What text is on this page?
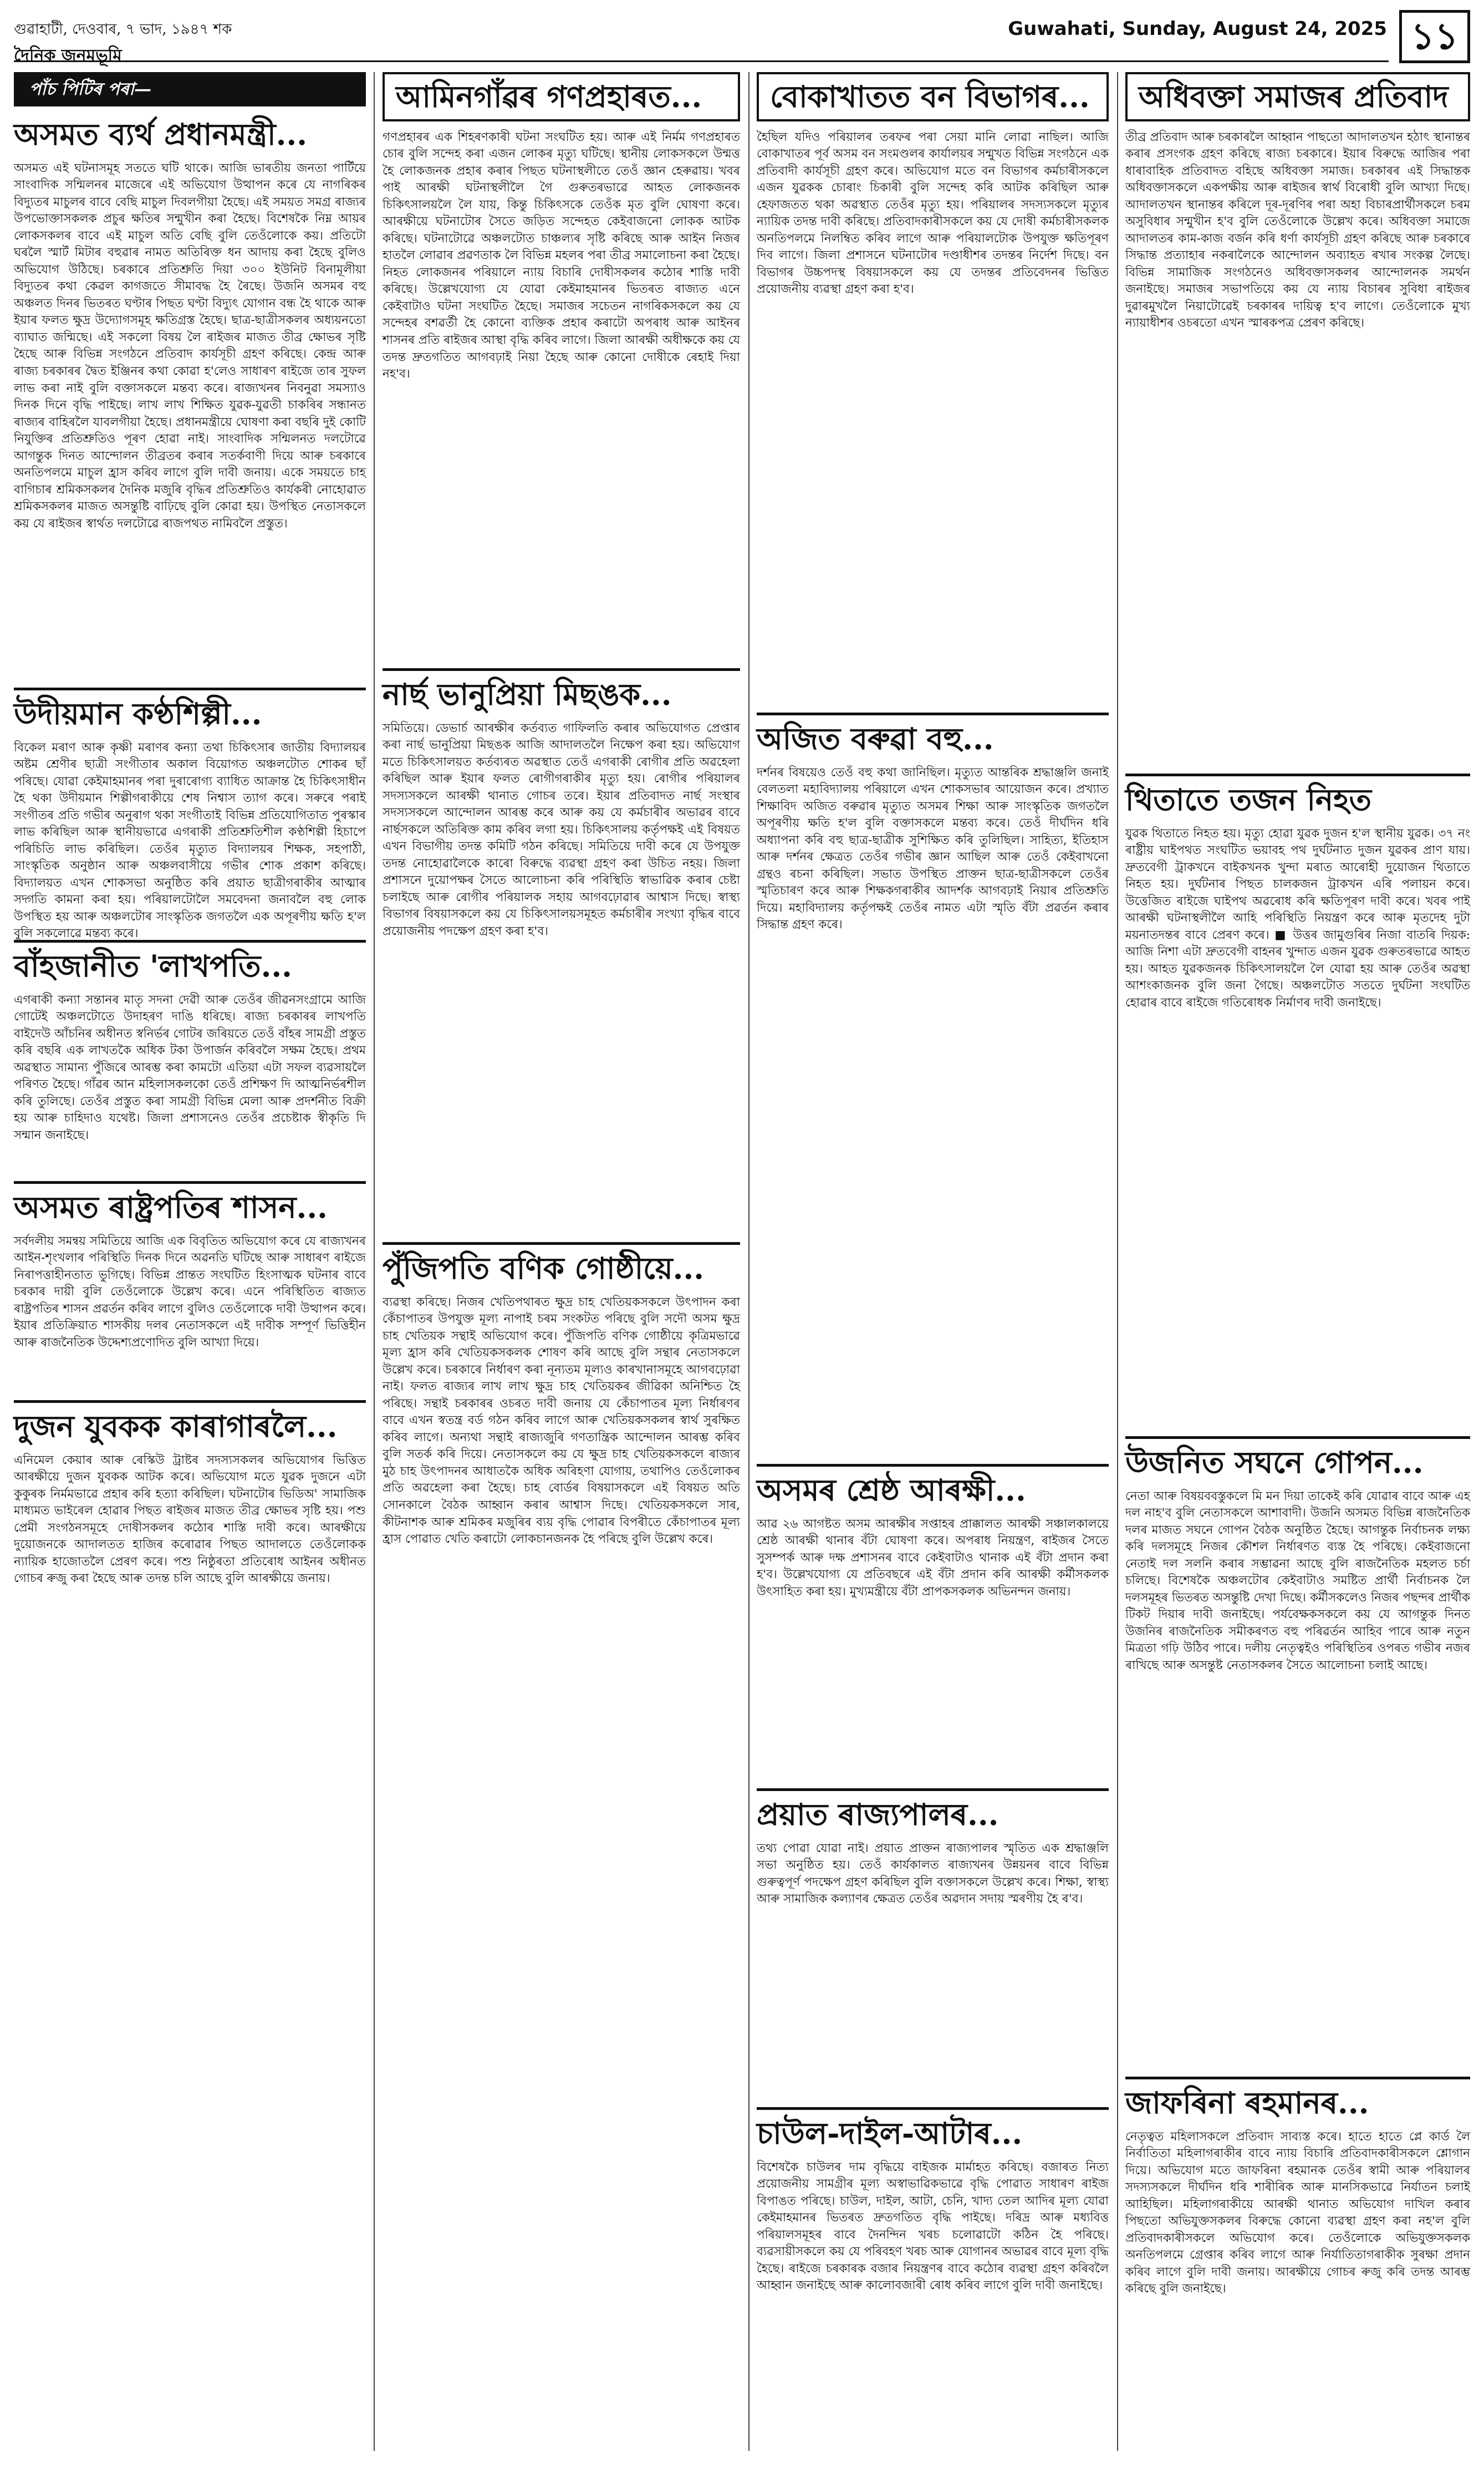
গুৱাহাটী, দেওবাৰ, ৭ ভাদ, ১৯৪৭ শক	Guwahati, Sunday, August 24, 2025 ১১
দৈনিক জনমভূমি
পাঁচ পিটিৰ পৰা—
অসমত ব্যৰ্থ প্ৰধানমন্ত্ৰী...
অসমত এই ঘটনাসমূহ সততে ঘটি থাকে। আজি ভাৰতীয় জনতা পাৰ্টিয়ে সাংবাদিক সন্মিলনৰ মাজেৰে এই অভিযোগ উত্থাপন কৰে যে নাগৰিকৰ বিদ্যুতৰ মাচুলৰ বাবে বেছি মাচুল দিবলগীয়া হৈছে। এই সময়ত সমগ্ৰ ৰাজ্যৰ উপভোক্তাসকলক প্ৰচুৰ ক্ষতিৰ সন্মুখীন কৰা হৈছে। বিশেষকৈ নিম্ন আয়ৰ লোকসকলৰ বাবে এই মাচুল অতি বেছি বুলি তেওঁলোকে কয়। প্ৰতিটো ঘৰলৈ স্মাৰ্ট মিটাৰ বহুৱাৰ নামত অতিৰিক্ত ধন আদায় কৰা হৈছে বুলিও অভিযোগ উঠিছে। চৰকাৰে প্ৰতিশ্ৰুতি দিয়া ৩০০ ইউনিট বিনামূলীয়া বিদ্যুতৰ কথা কেৱল কাগজতে সীমাবদ্ধ হৈ ৰৈছে। উজনি অসমৰ বহু অঞ্চলত দিনৰ ভিতৰত ঘণ্টাৰ পিছত ঘণ্টা বিদ্যুৎ যোগান বন্ধ হৈ থাকে আৰু ইয়াৰ ফলত ক্ষুদ্ৰ উদ্যোগসমূহ ক্ষতিগ্ৰস্ত হৈছে। ছাত্ৰ-ছাত্ৰীসকলৰ অধ্যয়নতো ব্যাঘাত জন্মিছে। এই সকলো বিষয় লৈ ৰাইজৰ মাজত তীব্ৰ ক্ষোভৰ সৃষ্টি হৈছে আৰু বিভিন্ন সংগঠনে প্ৰতিবাদ কাৰ্যসূচী গ্ৰহণ কৰিছে। কেন্দ্ৰ আৰু ৰাজ্য চৰকাৰৰ দ্বৈত ইঞ্জিনৰ কথা কোৱা হ'লেও সাধাৰণ ৰাইজে তাৰ সুফল লাভ কৰা নাই বুলি বক্তাসকলে মন্তব্য কৰে। ৰাজ্যখনৰ নিবনুৱা সমস্যাও দিনক দিনে বৃদ্ধি পাইছে। লাখ লাখ শিক্ষিত যুৱক-যুৱতী চাকৰিৰ সন্ধানত ৰাজ্যৰ বাহিৰলৈ যাবলগীয়া হৈছে। প্ৰধানমন্ত্ৰীয়ে ঘোষণা কৰা বছৰি দুই কোটি নিযুক্তিৰ প্ৰতিশ্ৰুতিও পূৰণ হোৱা নাই। সাংবাদিক সন্মিলনত দলটোৱে আগন্তুক দিনত আন্দোলন তীব্ৰতৰ কৰাৰ সতৰ্কবাণী দিয়ে আৰু চৰকাৰে অনতিপলমে মাচুল হ্ৰাস কৰিব লাগে বুলি দাবী জনায়। একে সময়তে চাহ বাগিচাৰ শ্ৰমিকসকলৰ দৈনিক মজুৰি বৃদ্ধিৰ প্ৰতিশ্ৰুতিও কাৰ্যকৰী নোহোৱাত শ্ৰমিকসকলৰ মাজত অসন্তুষ্টি বাঢ়িছে বুলি কোৱা হয়। উপস্থিত নেতাসকলে কয় যে ৰাইজৰ স্বাৰ্থত দলটোৱে ৰাজপথত নামিবলৈ প্ৰস্তুত।
উদীয়মান কণ্ঠশিল্পী...
বিকেল মৰাণ আৰু কৃষ্ণী মৰাণৰ কন্যা তথা চিকিৎসাৰ জাতীয় বিদ্যালয়ৰ অষ্টম শ্ৰেণীৰ ছাত্ৰী সংগীতাৰ অকাল বিয়োগত অঞ্চলটোত শোকৰ ছাঁ পৰিছে। যোৱা কেইমাহমানৰ পৰা দুৰাৰোগ্য ব্যাধিত আক্ৰান্ত হৈ চিকিৎসাধীন হৈ থকা উদীয়মান শিল্পীগৰাকীয়ে শেষ নিশ্বাস ত্যাগ কৰে। সৰুৰে পৰাই সংগীতৰ প্ৰতি গভীৰ অনুৰাগ থকা সংগীতাই বিভিন্ন প্ৰতিযোগিতাত পুৰস্কাৰ লাভ কৰিছিল আৰু স্থানীয়ভাৱে এগৰাকী প্ৰতিশ্ৰুতিশীল কণ্ঠশিল্পী হিচাপে পৰিচিতি লাভ কৰিছিল। তেওঁৰ মৃত্যুত বিদ্যালয়ৰ শিক্ষক, সহপাঠী, সাংস্কৃতিক অনুষ্ঠান আৰু অঞ্চলবাসীয়ে গভীৰ শোক প্ৰকাশ কৰিছে। বিদ্যালয়ত এখন শোকসভা অনুষ্ঠিত কৰি প্ৰয়াত ছাত্ৰীগৰাকীৰ আত্মাৰ সদ্গতি কামনা কৰা হয়। পৰিয়ালটোলৈ সমবেদনা জনাবলৈ বহু লোক উপস্থিত হয় আৰু অঞ্চলটোৰ সাংস্কৃতিক জগতলৈ এক অপূৰণীয় ক্ষতি হ'ল বুলি সকলোৱে মন্তব্য কৰে।
বাঁহজানীত 'লাখপতি...
এগৰাকী কন্যা সন্তানৰ মাতৃ সদনা দেৱী আৰু তেওঁৰ জীৱনসংগ্ৰামে আজি গোটেই অঞ্চলটোতে উদাহৰণ দাঙি ধৰিছে। ৰাজ্য চৰকাৰৰ লাখপতি বাইদেউ আঁচনিৰ অধীনত স্বনিৰ্ভৰ গোটৰ জৰিয়তে তেওঁ বাঁহৰ সামগ্ৰী প্ৰস্তুত কৰি বছৰি এক লাখতকৈ অধিক টকা উপাৰ্জন কৰিবলৈ সক্ষম হৈছে। প্ৰথম অৱস্থাত সামান্য পুঁজিৰে আৰম্ভ কৰা কামটো এতিয়া এটা সফল ব্যৱসায়লৈ পৰিণত হৈছে। গাঁৱৰ আন মহিলাসকলকো তেওঁ প্ৰশিক্ষণ দি আত্মনিৰ্ভৰশীল কৰি তুলিছে। তেওঁৰ প্ৰস্তুত কৰা সামগ্ৰী বিভিন্ন মেলা আৰু প্ৰদৰ্শনীত বিক্ৰী হয় আৰু চাহিদাও যথেষ্ট। জিলা প্ৰশাসনেও তেওঁৰ প্ৰচেষ্টাক স্বীকৃতি দি সন্মান জনাইছে।
অসমত ৰাষ্ট্ৰপতিৰ শাসন...
সৰ্বদলীয় সমন্বয় সমিতিয়ে আজি এক বিবৃতিত অভিযোগ কৰে যে ৰাজ্যখনৰ আইন-শৃংখলাৰ পৰিস্থিতি দিনক দিনে অৱনতি ঘটিছে আৰু সাধাৰণ ৰাইজে নিৰাপত্তাহীনতাত ভুগিছে। বিভিন্ন প্ৰান্তত সংঘটিত হিংসাত্মক ঘটনাৰ বাবে চৰকাৰ দায়ী বুলি তেওঁলোকে উল্লেখ কৰে। এনে পৰিস্থিতিত ৰাজ্যত ৰাষ্ট্ৰপতিৰ শাসন প্ৰৱৰ্তন কৰিব লাগে বুলিও তেওঁলোকে দাবী উত্থাপন কৰে। ইয়াৰ প্ৰতিক্ৰিয়াত শাসকীয় দলৰ নেতাসকলে এই দাবীক সম্পূৰ্ণ ভিত্তিহীন আৰু ৰাজনৈতিক উদ্দেশ্যপ্ৰণোদিত বুলি আখ্যা দিয়ে।
দুজন যুবকক কাৰাগাৰলৈ...
এনিমেল কেয়াৰ আৰু ৰেস্কিউ ট্ৰাষ্টৰ সদস্যসকলৰ অভিযোগৰ ভিত্তিত আৰক্ষীয়ে দুজন যুবকক আটক কৰে। অভিযোগ মতে যুৱক দুজনে এটা কুকুৰক নিৰ্মমভাৱে প্ৰহাৰ কৰি হত্যা কৰিছিল। ঘটনাটোৰ ভিডিঅ' সামাজিক মাধ্যমত ভাইৰেল হোৱাৰ পিছত ৰাইজৰ মাজত তীব্ৰ ক্ষোভৰ সৃষ্টি হয়। পশু প্ৰেমী সংগঠনসমূহে দোষীসকলৰ কঠোৰ শাস্তি দাবী কৰে। আৰক্ষীয়ে দুয়োজনকে আদালতত হাজিৰ কৰোৱাৰ পিছত আদালতে তেওঁলোকক ন্যায়িক হাজোতলৈ প্ৰেৰণ কৰে। পশু নিষ্ঠুৰতা প্ৰতিৰোধ আইনৰ অধীনত গোচৰ ৰুজু কৰা হৈছে আৰু তদন্ত চলি আছে বুলি আৰক্ষীয়ে জনায়।
আমিনগাঁৱৰ গণপ্ৰহাৰত...
গণপ্ৰহাৰৰ এক শিহৰণকাৰী ঘটনা সংঘটিত হয়। আৰু এই নিৰ্মম গণপ্ৰহাৰত চোৰ বুলি সন্দেহ কৰা এজন লোকৰ মৃত্যু ঘটিছে। স্থানীয় লোকসকলে উন্মত্ত হৈ লোকজনক প্ৰহাৰ কৰাৰ পিছত ঘটনাস্থলীতে তেওঁ জ্ঞান হেৰুৱায়। খবৰ পাই আৰক্ষী ঘটনাস্থলীলৈ গৈ গুৰুতৰভাৱে আহত লোকজনক চিকিৎসালয়লৈ লৈ যায়, কিন্তু চিকিৎসকে তেওঁক মৃত বুলি ঘোষণা কৰে। আৰক্ষীয়ে ঘটনাটোৰ সৈতে জড়িত সন্দেহত কেইবাজনো লোকক আটক কৰিছে। ঘটনাটোৱে অঞ্চলটোত চাঞ্চল্যৰ সৃষ্টি কৰিছে আৰু আইন নিজৰ হাতলৈ লোৱাৰ প্ৰৱণতাক লৈ বিভিন্ন মহলৰ পৰা তীব্ৰ সমালোচনা কৰা হৈছে। নিহত লোকজনৰ পৰিয়ালে ন্যায় বিচাৰি দোষীসকলৰ কঠোৰ শাস্তি দাবী কৰিছে। উল্লেখযোগ্য যে যোৱা কেইমাহমানৰ ভিতৰত ৰাজ্যত এনে কেইবাটাও ঘটনা সংঘটিত হৈছে। সমাজৰ সচেতন নাগৰিকসকলে কয় যে সন্দেহৰ বশৱৰ্তী হৈ কোনো ব্যক্তিক প্ৰহাৰ কৰাটো অপৰাধ আৰু আইনৰ শাসনৰ প্ৰতি ৰাইজৰ আস্থা বৃদ্ধি কৰিব লাগে। জিলা আৰক্ষী অধীক্ষকে কয় যে তদন্ত দ্ৰুতগতিত আগবঢ়াই নিয়া হৈছে আৰু কোনো দোষীকে ৰেহাই দিয়া নহ'ব।
নাৰ্ছ ভানুপ্ৰিয়া মিছঙক...
সমিতিয়ে। ডেভাৰ্চ আৰক্ষীৰ কৰ্তব্যত গাফিলতি কৰাৰ অভিযোগত প্ৰেপ্তাৰ কৰা নাৰ্ছ ভানুপ্ৰিয়া মিছঙক আজি আদালতলৈ নিক্ষেপ কৰা হয়। অভিযোগ মতে চিকিৎসালয়ত কৰ্তব্যৰত অৱস্থাত তেওঁ এগৰাকী ৰোগীৰ প্ৰতি অৱহেলা কৰিছিল আৰু ইয়াৰ ফলত ৰোগীগৰাকীৰ মৃত্যু হয়। ৰোগীৰ পৰিয়ালৰ সদস্যসকলে আৰক্ষী থানাত গোচৰ তৰে। ইয়াৰ প্ৰতিবাদত নাৰ্ছ সংস্থাৰ সদস্যসকলে আন্দোলন আৰম্ভ কৰে আৰু কয় যে কৰ্মচাৰীৰ অভাৱৰ বাবে নাৰ্ছসকলে অতিৰিক্ত কাম কৰিব লগা হয়। চিকিৎসালয় কৰ্তৃপক্ষই এই বিষয়ত এখন বিভাগীয় তদন্ত কমিটি গঠন কৰিছে। সমিতিয়ে দাবী কৰে যে উপযুক্ত তদন্ত নোহোৱালৈকে কাৰো বিৰুদ্ধে ব্যৱস্থা গ্ৰহণ কৰা উচিত নহয়। জিলা প্ৰশাসনে দুয়োপক্ষৰ সৈতে আলোচনা কৰি পৰিস্থিতি স্বাভাৱিক কৰাৰ চেষ্টা চলাইছে আৰু ৰোগীৰ পৰিয়ালক সহায় আগবঢ়োৱাৰ আশ্বাস দিছে। স্বাস্থ্য বিভাগৰ বিষয়াসকলে কয় যে চিকিৎসালয়সমূহত কৰ্মচাৰীৰ সংখ্যা বৃদ্ধিৰ বাবে প্ৰয়োজনীয় পদক্ষেপ গ্ৰহণ কৰা হ'ব।
পুঁজিপতি বণিক গোষ্ঠীয়ে...
ব্যৱস্থা কৰিছে। নিজৰ খেতিপথাৰত ক্ষুদ্ৰ চাহ খেতিয়কসকলে উৎপাদন কৰা কেঁচাপাতৰ উপযুক্ত মূল্য নাপাই চৰম সংকটত পৰিছে বুলি সদৌ অসম ক্ষুদ্ৰ চাহ খেতিয়ক সন্থাই অভিযোগ কৰে। পুঁজিপতি বণিক গোষ্ঠীয়ে কৃত্ৰিমভাৱে মূল্য হ্ৰাস কৰি খেতিয়কসকলক শোষণ কৰি আছে বুলি সন্থাৰ নেতাসকলে উল্লেখ কৰে। চৰকাৰে নিৰ্ধাৰণ কৰা নূন্যতম মূল্যও কাৰখানাসমূহে আগবঢ়োৱা নাই। ফলত ৰাজ্যৰ লাখ লাখ ক্ষুদ্ৰ চাহ খেতিয়কৰ জীৱিকা অনিশ্চিত হৈ পৰিছে। সন্থাই চৰকাৰৰ ওচৰত দাবী জনায় যে কেঁচাপাতৰ মূল্য নিৰ্ধাৰণৰ বাবে এখন স্বতন্ত্ৰ বৰ্ড গঠন কৰিব লাগে আৰু খেতিয়কসকলৰ স্বাৰ্থ সুৰক্ষিত কৰিব লাগে। অন্যথা সন্থাই ৰাজ্যজুৰি গণতান্ত্ৰিক আন্দোলন আৰম্ভ কৰিব বুলি সতৰ্ক কৰি দিয়ে। নেতাসকলে কয় যে ক্ষুদ্ৰ চাহ খেতিয়কসকলে ৰাজ্যৰ মুঠ চাহ উৎপাদনৰ আধাতকৈ অধিক অৰিহণা যোগায়, তথাপিও তেওঁলোকৰ প্ৰতি অৱহেলা কৰা হৈছে। চাহ বোৰ্ডৰ বিষয়াসকলে এই বিষয়ত অতি সোনকালে বৈঠক আহ্বান কৰাৰ আশ্বাস দিছে। খেতিয়কসকলে সাৰ, কীটনাশক আৰু শ্ৰমিকৰ মজুৰিৰ ব্যয় বৃদ্ধি পোৱাৰ বিপৰীতে কেঁচাপাতৰ মূল্য হ্ৰাস পোৱাত খেতি কৰাটো লোকচানজনক হৈ পৰিছে বুলি উল্লেখ কৰে।
বোকাখাতত বন বিভাগৰ...
হৈছিল যদিও পৰিয়ালৰ তৰফৰ পৰা সেয়া মানি লোৱা নাছিল। আজি বোকাখাতৰ পূৰ্ব অসম বন সংমণ্ডলৰ কাৰ্যালয়ৰ সন্মুখত বিভিন্ন সংগঠনে এক প্ৰতিবাদী কাৰ্যসূচী গ্ৰহণ কৰে। অভিযোগ মতে বন বিভাগৰ কৰ্মচাৰীসকলে এজন যুৱকক চোৰাং চিকাৰী বুলি সন্দেহ কৰি আটক কৰিছিল আৰু হেফাজতত থকা অৱস্থাত তেওঁৰ মৃত্যু হয়। পৰিয়ালৰ সদস্যসকলে মৃত্যুৰ ন্যায়িক তদন্ত দাবী কৰিছে। প্ৰতিবাদকাৰীসকলে কয় যে দোষী কৰ্মচাৰীসকলক অনতিপলমে নিলম্বিত কৰিব লাগে আৰু পৰিয়ালটোক উপযুক্ত ক্ষতিপূৰণ দিব লাগে। জিলা প্ৰশাসনে ঘটনাটোৰ দণ্ডাধীশৰ তদন্তৰ নিৰ্দেশ দিছে। বন বিভাগৰ উচ্চপদস্থ বিষয়াসকলে কয় যে তদন্তৰ প্ৰতিবেদনৰ ভিত্তিত প্ৰয়োজনীয় ব্যৱস্থা গ্ৰহণ কৰা হ'ব।
অজিত বৰুৱা বহু...
দৰ্শনৰ বিষয়েও তেওঁ বহু কথা জানিছিল। মৃত্যুত আন্তৰিক শ্ৰদ্ধাঞ্জলি জনাই বেলতলা মহাবিদ্যালয় পৰিয়ালে এখন শোকসভাৰ আয়োজন কৰে। প্ৰখ্যাত শিক্ষাবিদ অজিত বৰুৱাৰ মৃত্যুত অসমৰ শিক্ষা আৰু সাংস্কৃতিক জগতলৈ অপূৰণীয় ক্ষতি হ'ল বুলি বক্তাসকলে মন্তব্য কৰে। তেওঁ দীৰ্ঘদিন ধৰি অধ্যাপনা কৰি বহু ছাত্ৰ-ছাত্ৰীক সুশিক্ষিত কৰি তুলিছিল। সাহিত্য, ইতিহাস আৰু দৰ্শনৰ ক্ষেত্ৰত তেওঁৰ গভীৰ জ্ঞান আছিল আৰু তেওঁ কেইবাখনো গ্ৰন্থও ৰচনা কৰিছিল। সভাত উপস্থিত প্ৰাক্তন ছাত্ৰ-ছাত্ৰীসকলে তেওঁৰ স্মৃতিচাৰণ কৰে আৰু শিক্ষকগৰাকীৰ আদৰ্শক আগবঢ়াই নিয়াৰ প্ৰতিশ্ৰুতি দিয়ে। মহাবিদ্যালয় কৰ্তৃপক্ষই তেওঁৰ নামত এটা স্মৃতি বঁটা প্ৰৱৰ্তন কৰাৰ সিদ্ধান্ত গ্ৰহণ কৰে।
অসমৰ শ্ৰেষ্ঠ আৰক্ষী...
আৱ ২৬ আগষ্টত অসম আৰক্ষীৰ সপ্তাহৰ প্ৰাক্কালত আৰক্ষী সঞ্চালকালয়ে শ্ৰেষ্ঠ আৰক্ষী থানাৰ বঁটা ঘোষণা কৰে। অপৰাধ নিয়ন্ত্ৰণ, ৰাইজৰ সৈতে সুসম্পৰ্ক আৰু দক্ষ প্ৰশাসনৰ বাবে কেইবাটাও থানাক এই বঁটা প্ৰদান কৰা হ'ব। উল্লেখযোগ্য যে প্ৰতিবছৰে এই বঁটা প্ৰদান কৰি আৰক্ষী কৰ্মীসকলক উৎসাহিত কৰা হয়। মুখ্যমন্ত্ৰীয়ে বঁটা প্ৰাপকসকলক অভিনন্দন জনায়।
প্ৰয়াত ৰাজ্যপালৰ...
তথ্য পোৱা যোৱা নাই। প্ৰয়াত প্ৰাক্তন ৰাজ্যপালৰ স্মৃতিত এক শ্ৰদ্ধাঞ্জলি সভা অনুষ্ঠিত হয়। তেওঁ কাৰ্যকালত ৰাজ্যখনৰ উন্নয়নৰ বাবে বিভিন্ন গুৰুত্বপূৰ্ণ পদক্ষেপ গ্ৰহণ কৰিছিল বুলি বক্তাসকলে উল্লেখ কৰে। শিক্ষা, স্বাস্থ্য আৰু সামাজিক কল্যাণৰ ক্ষেত্ৰত তেওঁৰ অৱদান সদায় স্মৰণীয় হৈ ৰ'ব।
চাউল-দাইল-আটাৰ...
বিশেষকৈ চাউলৰ দাম বৃদ্ধিয়ে বাইজক মাৰ্মাহত কৰিছে। বজাৰত নিত্য প্ৰয়োজনীয় সামগ্ৰীৰ মূল্য অস্বাভাৱিকভাৱে বৃদ্ধি পোৱাত সাধাৰণ ৰাইজ বিপাঙত পৰিছে। চাউল, দাইল, আটা, চেনি, খাদ্য তেল আদিৰ মূল্য যোৱা কেইমাহমানৰ ভিতৰত দ্ৰুতগতিত বৃদ্ধি পাইছে। দৰিদ্ৰ আৰু মধ্যবিত্ত পৰিয়ালসমূহৰ বাবে দৈনন্দিন খৰচ চলোৱাটো কঠিন হৈ পৰিছে। ব্যৱসায়ীসকলে কয় যে পৰিবহণ খৰচ আৰু যোগানৰ অভাৱৰ বাবে মূল্য বৃদ্ধি হৈছে। ৰাইজে চৰকাৰক বজাৰ নিয়ন্ত্ৰণৰ বাবে কঠোৰ ব্যৱস্থা গ্ৰহণ কৰিবলৈ আহ্বান জনাইছে আৰু কালোবজাৰী ৰোধ কৰিব লাগে বুলি দাবী জনাইছে।
অধিবক্তা সমাজৰ প্ৰতিবাদ
তীব্ৰ প্ৰতিবাদ আৰু চৰকাৰলৈ আহ্বান পাছতো আদালতখন হঠাৎ স্থানান্তৰ কৰাৰ প্ৰসংগক গ্ৰহণ কৰিছে ৰাজ্য চৰকাৰে। ইয়াৰ বিৰুদ্ধে আজিৰ পৰা ধাৰাবাহিক প্ৰতিবাদত বহিছে অধিবক্তা সমাজ। চৰকাৰৰ এই সিদ্ধান্তক অধিবক্তাসকলে একপক্ষীয় আৰু ৰাইজৰ স্বাৰ্থ বিৰোধী বুলি আখ্যা দিছে। আদালতখন স্থানান্তৰ কৰিলে দূৰ-দূৰণিৰ পৰা অহা বিচাৰপ্ৰাৰ্থীসকলে চৰম অসুবিধাৰ সন্মুখীন হ'ব বুলি তেওঁলোকে উল্লেখ কৰে। অধিবক্তা সমাজে আদালতৰ কাম-কাজ বৰ্জন কৰি ধৰ্ণা কাৰ্যসূচী গ্ৰহণ কৰিছে আৰু চৰকাৰে সিদ্ধান্ত প্ৰত্যাহাৰ নকৰালৈকে আন্দোলন অব্যাহত ৰখাৰ সংকল্প লৈছে। বিভিন্ন সামাজিক সংগঠনেও অধিবক্তাসকলৰ আন্দোলনক সমৰ্থন জনাইছে। সমাজৰ সভাপতিয়ে কয় যে ন্যায় বিচাৰৰ সুবিধা ৰাইজৰ দুৱাৰমুখলৈ নিয়াটোৱেই চৰকাৰৰ দায়িত্ব হ'ব লাগে। তেওঁলোকে মুখ্য ন্যায়াধীশৰ ওচৰতো এখন স্মাৰকপত্ৰ প্ৰেৰণ কৰিছে।
থিতাতে তজন নিহত
যুৱক থিতাতে নিহত হয়। মৃত্যু হোৱা যুৱক দুজন হ'ল স্থানীয় যুৱক। ৩৭ নং ৰাষ্ট্ৰীয় ঘাইপথত সংঘটিত ভয়াবহ পথ দুৰ্ঘটনাত দুজন যুৱকৰ প্ৰাণ যায়। দ্ৰুতবেগী ট্ৰাকখনে বাইকখনক খুন্দা মৰাত আৰোহী দুয়োজন থিতাতে নিহত হয়। দুৰ্ঘটনাৰ পিছত চালকজন ট্ৰাকখন এৰি পলায়ন কৰে। উত্তেজিত ৰাইজে ঘাইপথ অৱৰোধ কৰি ক্ষতিপূৰণ দাবী কৰে। খবৰ পাই আৰক্ষী ঘটনাস্থলীলৈ আহি পৰিস্থিতি নিয়ন্ত্ৰণ কৰে আৰু মৃতদেহ দুটা ময়নাতদন্তৰ বাবে প্ৰেৰণ কৰে। ■ উত্তৰ জামুগুৰিৰ নিজা বাতৰি দিয়ক: আজি নিশা এটা দ্ৰুতবেগী বাহনৰ খুন্দাত এজন যুৱক গুৰুতৰভাৱে আহত হয়। আহত যুৱকজনক চিকিৎসালয়লৈ লৈ যোৱা হয় আৰু তেওঁৰ অৱস্থা আশংকাজনক বুলি জনা গৈছে। অঞ্চলটোত সততে দুৰ্ঘটনা সংঘটিত হোৱাৰ বাবে ৰাইজে গতিৰোধক নিৰ্মাণৰ দাবী জনাইছে।
উজনিত সঘনে গোপন...
নেতা আৰু বিষয়ববস্তুকলে মি মন দিয়া তাকেই কৰি যোৱাৰ বাবে আৰু এহ দল নাহ'ব বুলি নেতাসকলে আশাবাদী। উজনি অসমত বিভিন্ন ৰাজনৈতিক দলৰ মাজত সঘনে গোপন বৈঠক অনুষ্ঠিত হৈছে। আগন্তুক নিৰ্বাচনক লক্ষ্য কৰি দলসমূহে নিজৰ কৌশল নিৰ্ধাৰণত ব্যস্ত হৈ পৰিছে। কেইবাজনো নেতাই দল সলনি কৰাৰ সম্ভাৱনা আছে বুলি ৰাজনৈতিক মহলত চৰ্চা চলিছে। বিশেষকৈ অঞ্চলটোৰ কেইবাটাও সমষ্টিত প্ৰাৰ্থী নিৰ্বাচনক লৈ দলসমূহৰ ভিতৰত অসন্তুষ্টি দেখা দিছে। কৰ্মীসকলেও নিজৰ পছন্দৰ প্ৰাৰ্থীক টিকট দিয়াৰ দাবী জনাইছে। পৰ্যবেক্ষকসকলে কয় যে আগন্তুক দিনত উজনিৰ ৰাজনৈতিক সমীকৰণত বহু পৰিৱৰ্তন আহিব পাৰে আৰু নতুন মিত্ৰতা গঢ়ি উঠিব পাৰে। দলীয় নেতৃত্বইও পৰিস্থিতিৰ ওপৰত গভীৰ নজৰ ৰাখিছে আৰু অসন্তুষ্ট নেতাসকলৰ সৈতে আলোচনা চলাই আছে।
জাফৰিনা ৰহমানৰ...
নেতৃত্বত মহিলাসকলে প্ৰতিবাদ সাব্যস্ত কৰে। হাতে হাতে প্লে কাৰ্ড লৈ নিৰ্বাতিতা মহিলাগৰাকীৰ বাবে ন্যায় বিচাৰি প্ৰতিবাদকাৰীসকলে শ্লোগান দিয়ে। অভিযোগ মতে জাফৰিনা ৰহমানক তেওঁৰ স্বামী আৰু পৰিয়ালৰ সদস্যসকলে দীৰ্ঘদিন ধৰি শাৰীৰিক আৰু মানসিকভাৱে নিৰ্যাতন চলাই আহিছিল। মহিলাগৰাকীয়ে আৰক্ষী থানাত অভিযোগ দাখিল কৰাৰ পিছতো অভিযুক্তসকলৰ বিৰুদ্ধে কোনো ব্যৱস্থা গ্ৰহণ কৰা নহ'ল বুলি প্ৰতিবাদকাৰীসকলে অভিযোগ কৰে। তেওঁলোকে অভিযুক্তসকলক অনতিপলমে গ্ৰেপ্তাৰ কৰিব লাগে আৰু নিৰ্যাতিতাগৰাকীক সুৰক্ষা প্ৰদান কৰিব লাগে বুলি দাবী জনায়। আৰক্ষীয়ে গোচৰ ৰুজু কৰি তদন্ত আৰম্ভ কৰিছে বুলি জনাইছে।
